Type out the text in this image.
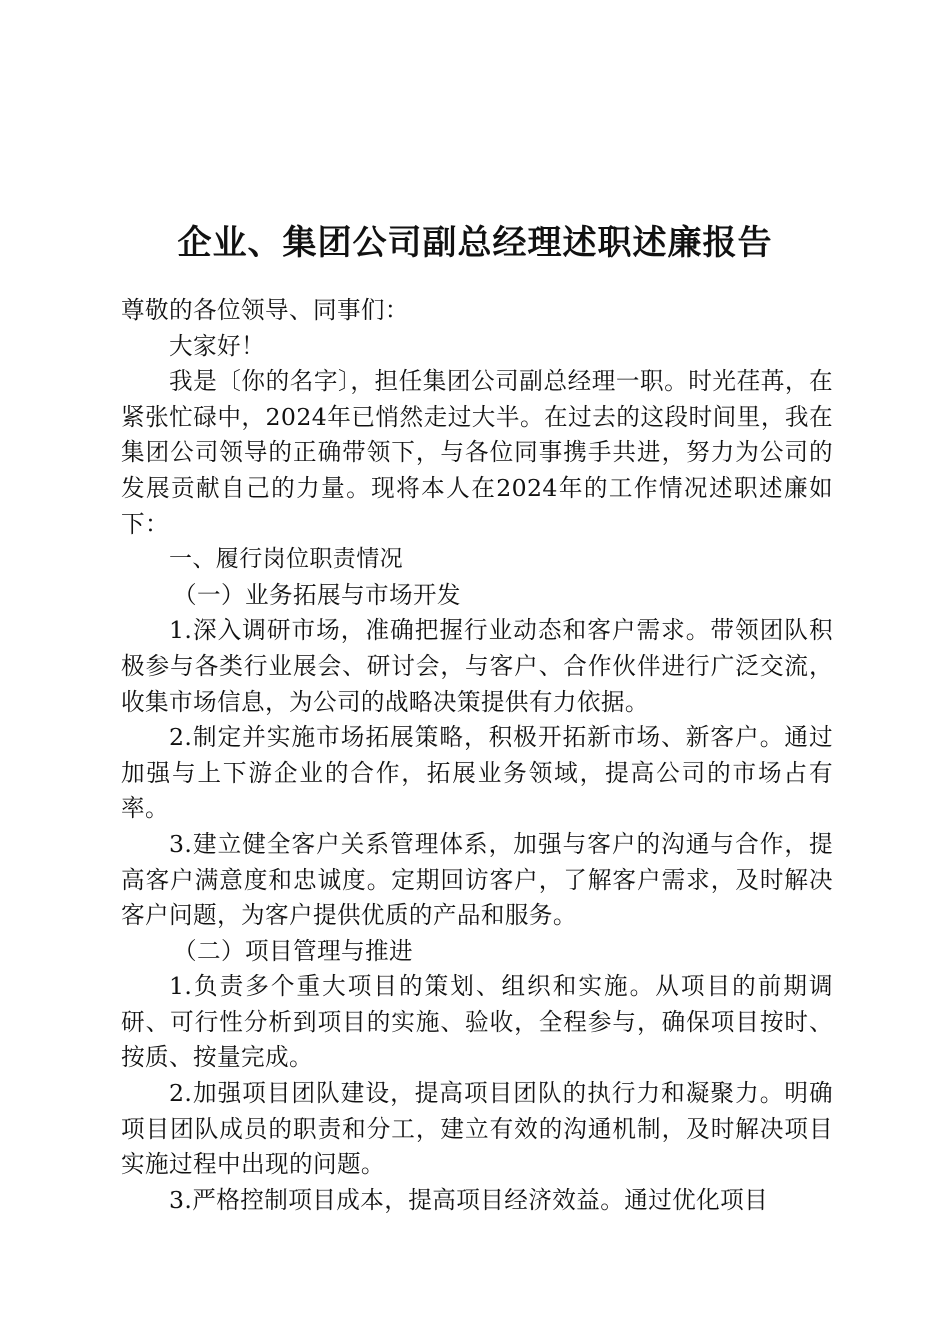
企业、集团公司副总经理述职述廉报告

尊敬的各位领导、同事们：

大家好！

我是〔你的名字〕，担任集团公司副总经理一职。时光荏苒，在紧张忙碌中，2024年已悄然走过大半。在过去的这段时间里，我在集团公司领导的正确带领下，与各位同事携手共进，努力为公司的发展贡献自己的力量。现将本人在2024年的工作情况述职述廉如下：

一、履行岗位职责情况

（一）业务拓展与市场开发

1.深入调研市场，准确把握行业动态和客户需求。带领团队积极参与各类行业展会、研讨会，与客户、合作伙伴进行广泛交流，收集市场信息，为公司的战略决策提供有力依据。

2.制定并实施市场拓展策略，积极开拓新市场、新客户。通过加强与上下游企业的合作，拓展业务领域，提高公司的市场占有率。

3.建立健全客户关系管理体系，加强与客户的沟通与合作，提高客户满意度和忠诚度。定期回访客户，了解客户需求，及时解决客户问题，为客户提供优质的产品和服务。

（二）项目管理与推进

1.负责多个重大项目的策划、组织和实施。从项目的前期调研、可行性分析到项目的实施、验收，全程参与，确保项目按时、按质、按量完成。

2.加强项目团队建设，提高项目团队的执行力和凝聚力。明确项目团队成员的职责和分工，建立有效的沟通机制，及时解决项目实施过程中出现的问题。

3.严格控制项目成本，提高项目经济效益。通过优化项目
